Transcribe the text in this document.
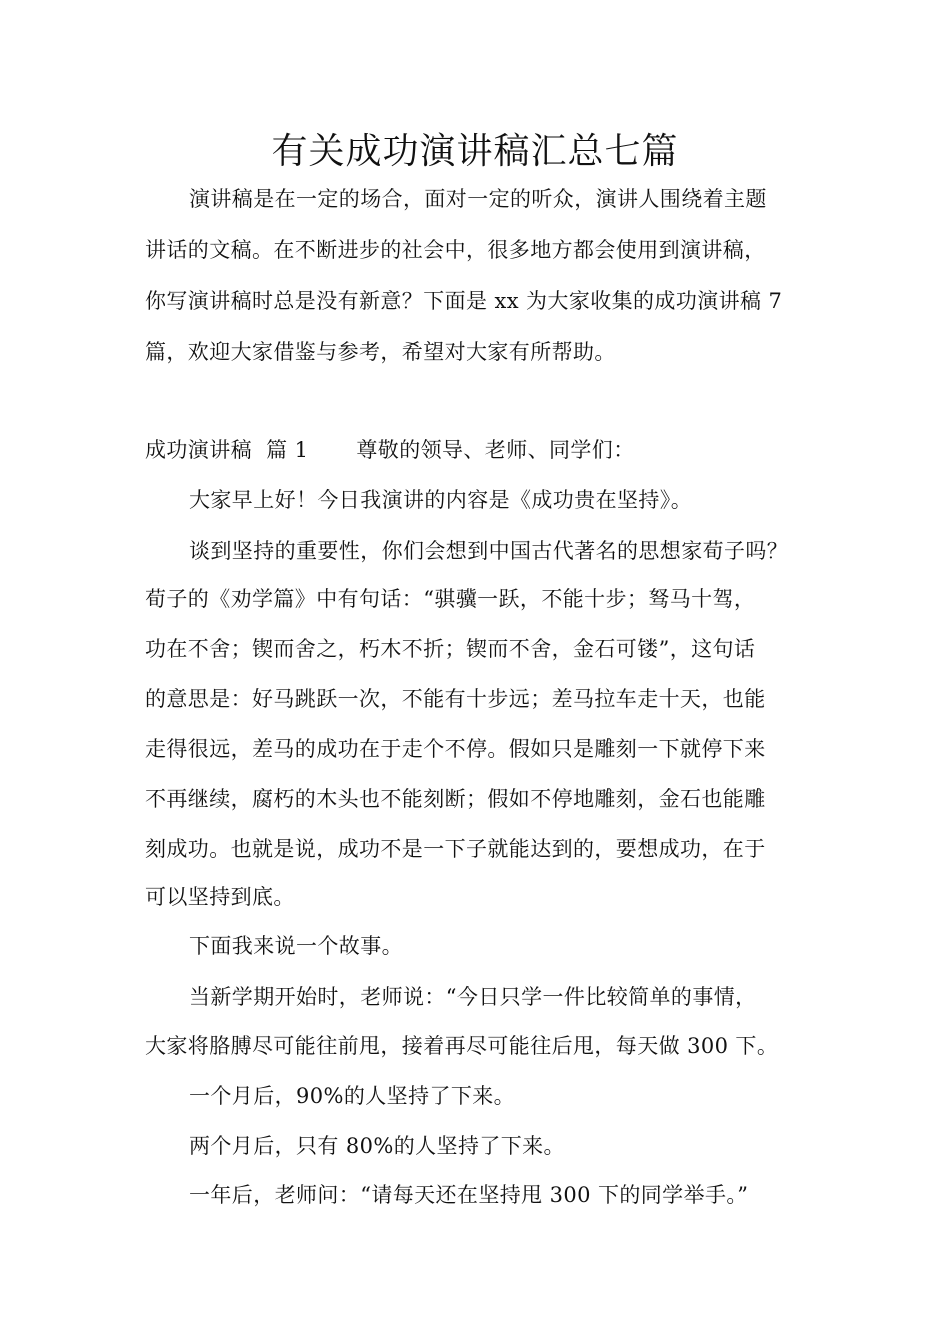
有关成功演讲稿汇总七篇
演讲稿是在一定的场合，面对一定的听众，演讲人围绕着主题
讲话的文稿。在不断进步的社会中，很多地方都会使用到演讲稿，
你写演讲稿时总是没有新意？下面是 xx 为大家收集的成功演讲稿 7
篇，欢迎大家借鉴与参考，希望对大家有所帮助。
成功演讲稿  篇 1 尊敬的领导、老师、同学们：
大家早上好！今日我演讲的内容是《成功贵在坚持》。
谈到坚持的重要性，你们会想到中国古代著名的思想家荀子吗？
荀子的《劝学篇》中有句话：“骐骥一跃，不能十步；驽马十驾，
功在不舍；锲而舍之，朽木不折；锲而不舍，金石可镂”，这句话
的意思是：好马跳跃一次，不能有十步远；差马拉车走十天，也能
走得很远，差马的成功在于走个不停。假如只是雕刻一下就停下来
不再继续，腐朽的木头也不能刻断；假如不停地雕刻，金石也能雕
刻成功。也就是说，成功不是一下子就能达到的，要想成功，在于
可以坚持到底。
下面我来说一个故事。
当新学期开始时，老师说：“今日只学一件比较简单的事情，
大家将胳膊尽可能往前甩，接着再尽可能往后甩，每天做 300 下。
一个月后，90%的人坚持了下来。
两个月后，只有 80%的人坚持了下来。
一年后，老师问：“请每天还在坚持甩 300 下的同学举手。”
